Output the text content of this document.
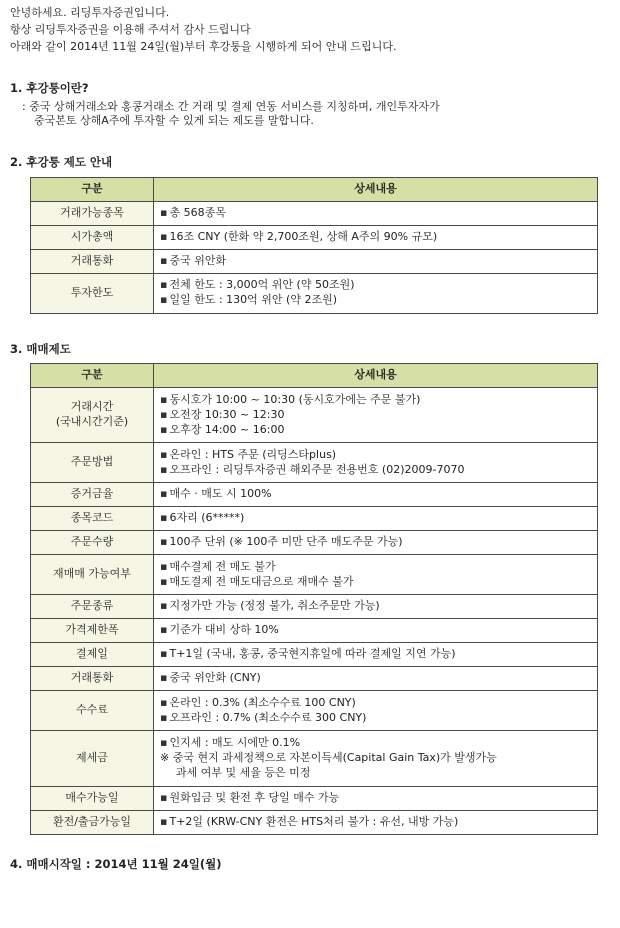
안녕하세요. 리딩투자증권입니다.
항상 리딩투자증권을 이용해 주셔서 감사 드립니다
아래와 같이 2014년 11월 24일(월)부터 후강퉁을 시행하게 되어 안내 드립니다.
1. 후강퉁이란?
: 중국 상해거래소와 홍콩거래소 간 거래 및 결제 연동 서비스를 지칭하며, 개인투자자가
중국본토 상해A주에 투자할 수 있게 되는 제도를 말합니다.
2. 후강퉁 제도 안내
구분	상세내용
거래가능종목	▪ 총 568종목

시가총액	▪ 16조 CNY (한화 약 2,700조원, 상해 A주의 90% 규모)

거래통화	▪ 중국 위안화

투자한도	▪ 전체 한도 : 3,000억 위안 (약 50조원)
▪ 일일 한도 : 130억 위안 (약 2조원)
3. 매매제도
구분	상세내용

거래시간
(국내시간기준)	▪ 동시호가 10:00 ~ 10:30 (동시호가에는 주문 불가)
▪ 오전장 10:30 ~ 12:30
▪ 오후장 14:00 ~ 16:00

주문방법	▪ 온라인 : HTS 주문 (리딩스타plus)
▪ 오프라인 : 리딩투자증권 해외주문 전용번호 (02)2009-7070

증거금율	▪ 매수 · 매도 시 100%

종목코드	▪ 6자리 (6*****)

주문수량	▪ 100주 단위 (※ 100주 미만 단주 매도주문 가능)

재매매 가능여부	▪ 매수결제 전 매도 불가
▪ 매도결제 전 매도대금으로 재매수 불가

주문종류	▪ 지정가만 가능 (정정 불가, 취소주문만 가능)

가격제한폭	▪ 기준가 대비 상하 10%

결제일	▪ T+1일 (국내, 홍콩, 중국현지휴일에 따라 결제일 지연 가능)

거래통화	▪ 중국 위안화 (CNY)

수수료	▪ 온라인 : 0.3% (최소수수료 100 CNY)
▪ 오프라인 : 0.7% (최소수수료 300 CNY)

제세금	▪ 인지세 : 매도 시에만 0.1%
※ 중국 현지 과세정책으로 자본이득세(Capital Gain Tax)가 발생가능
과세 여부 및 세율 등은 미정

매수가능일	▪ 원화입금 및 환전 후 당일 매수 가능

환전/출금가능일	▪ T+2일 (KRW-CNY 환전은 HTS처리 불가 : 유선, 내방 가능)
4. 매매시작일 : 2014년 11월 24일(월)
